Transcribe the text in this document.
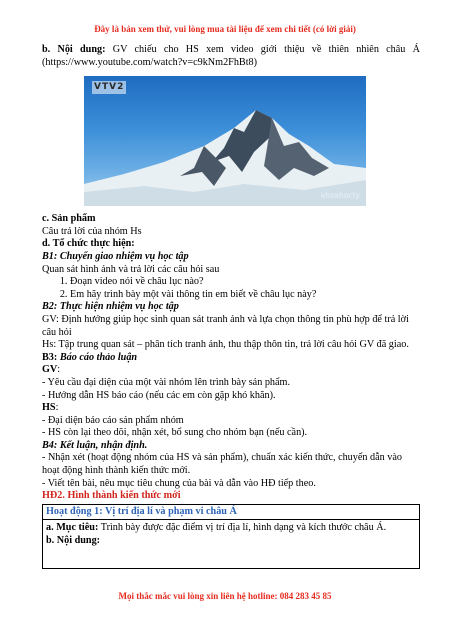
Đây là bản xem thử, vui lòng mua tài liệu để xem chi tiết (có lời giải)

b. Nội dung: GV chiếu cho HS xem video giới thiệu về thiên nhiên châu Á (https://www.youtube.com/watch?v=c9kNm2FhBt8)

VTV2
khoahocty

c. Sản phẩm

Câu trả lời của nhóm Hs

d. Tổ chức thực hiện:

B1: Chuyển giao nhiệm vụ học tập

Quan sát hình ảnh và trả lời các câu hỏi sau

1. Đoạn video nói về châu lục nào?
2. Em hãy trình bày một vài thông tin em biết về châu lục này?

B2: Thực hiện nhiệm vụ học tập

GV: Định hướng giúp học sinh quan sát tranh ảnh và lựa chọn thông tin phù hợp để trả lời câu hỏi

Hs: Tập trung quan sát – phân tích tranh ảnh, thu thập thôn tin, trả lời câu hỏi GV đã giao.

B3: Báo cáo thảo luận

GV:

- Yêu cầu đại diện của một vài nhóm lên trình bày sản phẩm.

- Hướng dẫn HS báo cáo (nếu các em còn gặp khó khăn).

HS:

- Đại diện báo cáo sản phẩm nhóm

- HS còn lại theo dõi, nhận xét, bổ sung cho nhóm bạn (nếu cần).

B4: Kết luận, nhận định.

- Nhận xét (hoạt động nhóm của HS và sản phẩm), chuẩn xác kiến thức, chuyển dẫn vào hoạt động hình thành kiến thức mới.

- Viết tên bài, nêu mục tiêu chung của bài và dẫn vào HĐ tiếp theo.

HĐ2. Hình thành kiến thức mới

Hoạt động 1: Vị trí địa lí và phạm vi châu Á

a. Mục tiêu: Trình bày được đặc điểm vị trí địa lí, hình dạng và kích thước châu Á.

b. Nội dung:

Mọi thắc mắc vui lòng xin liên hệ hotline: 084 283 45 85
